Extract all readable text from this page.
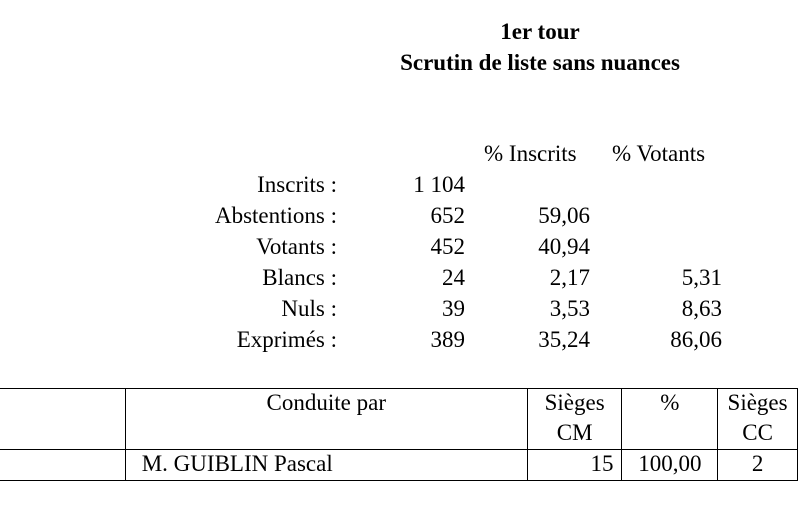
1er tour
Scrutin de liste sans nuances
% Inscrits % Votants
Inscrits :	1 104
Abstentions :	652	59,06
Votants :	452	40,94
Blancs :	24	2,17	5,31
Nuls :	39	3,53	8,63
Exprimés :	389	35,24	86,06
	Conduite par	Sièges	%	Sièges
		CM		CC
	M. GUIBLIN Pascal	15	100,00	2
